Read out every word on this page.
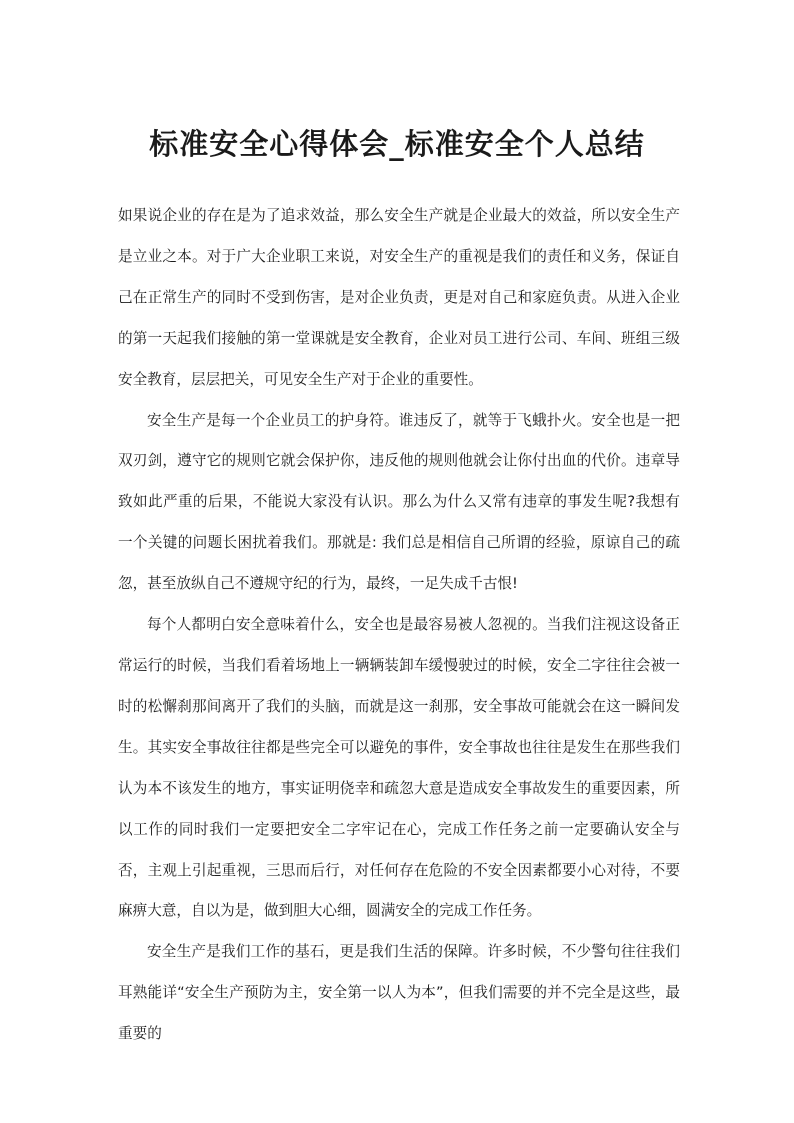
标准安全心得体会_标准安全个人总结

如果说企业的存在是为了追求效益，那么安全生产就是企业最大的效益，所以安全生产是立业之本。对于广大企业职工来说，对安全生产的重视是我们的责任和义务，保证自己在正常生产的同时不受到伤害，是对企业负责，更是对自己和家庭负责。从进入企业的第一天起我们接触的第一堂课就是安全教育，企业对员工进行公司、车间、班组三级安全教育，层层把关，可见安全生产对于企业的重要性。

安全生产是每一个企业员工的护身符。谁违反了，就等于飞蛾扑火。安全也是一把双刃剑，遵守它的规则它就会保护你，违反他的规则他就会让你付出血的代价。违章导致如此严重的后果，不能说大家没有认识。那么为什么又常有违章的事发生呢?我想有一个关键的问题长困扰着我们。那就是: 我们总是相信自己所谓的经验，原谅自己的疏忽，甚至放纵自己不遵规守纪的行为，最终，一足失成千古恨!

每个人都明白安全意味着什么，安全也是最容易被人忽视的。当我们注视这设备正常运行的时候，当我们看着场地上一辆辆装卸车缓慢驶过的时候，安全二字往往会被一时的松懈刹那间离开了我们的头脑，而就是这一刹那，安全事故可能就会在这一瞬间发生。其实安全事故往往都是些完全可以避免的事件，安全事故也往往是发生在那些我们认为本不该发生的地方，事实证明侥幸和疏忽大意是造成安全事故发生的重要因素，所以工作的同时我们一定要把安全二字牢记在心，完成工作任务之前一定要确认安全与否，主观上引起重视，三思而后行，对任何存在危险的不安全因素都要小心对待，不要麻痹大意，自以为是，做到胆大心细，圆满安全的完成工作任务。

安全生产是我们工作的基石，更是我们生活的保障。许多时候，不少警句往往我们耳熟能详“安全生产预防为主，安全第一以人为本”，但我们需要的并不完全是这些，最重要的
